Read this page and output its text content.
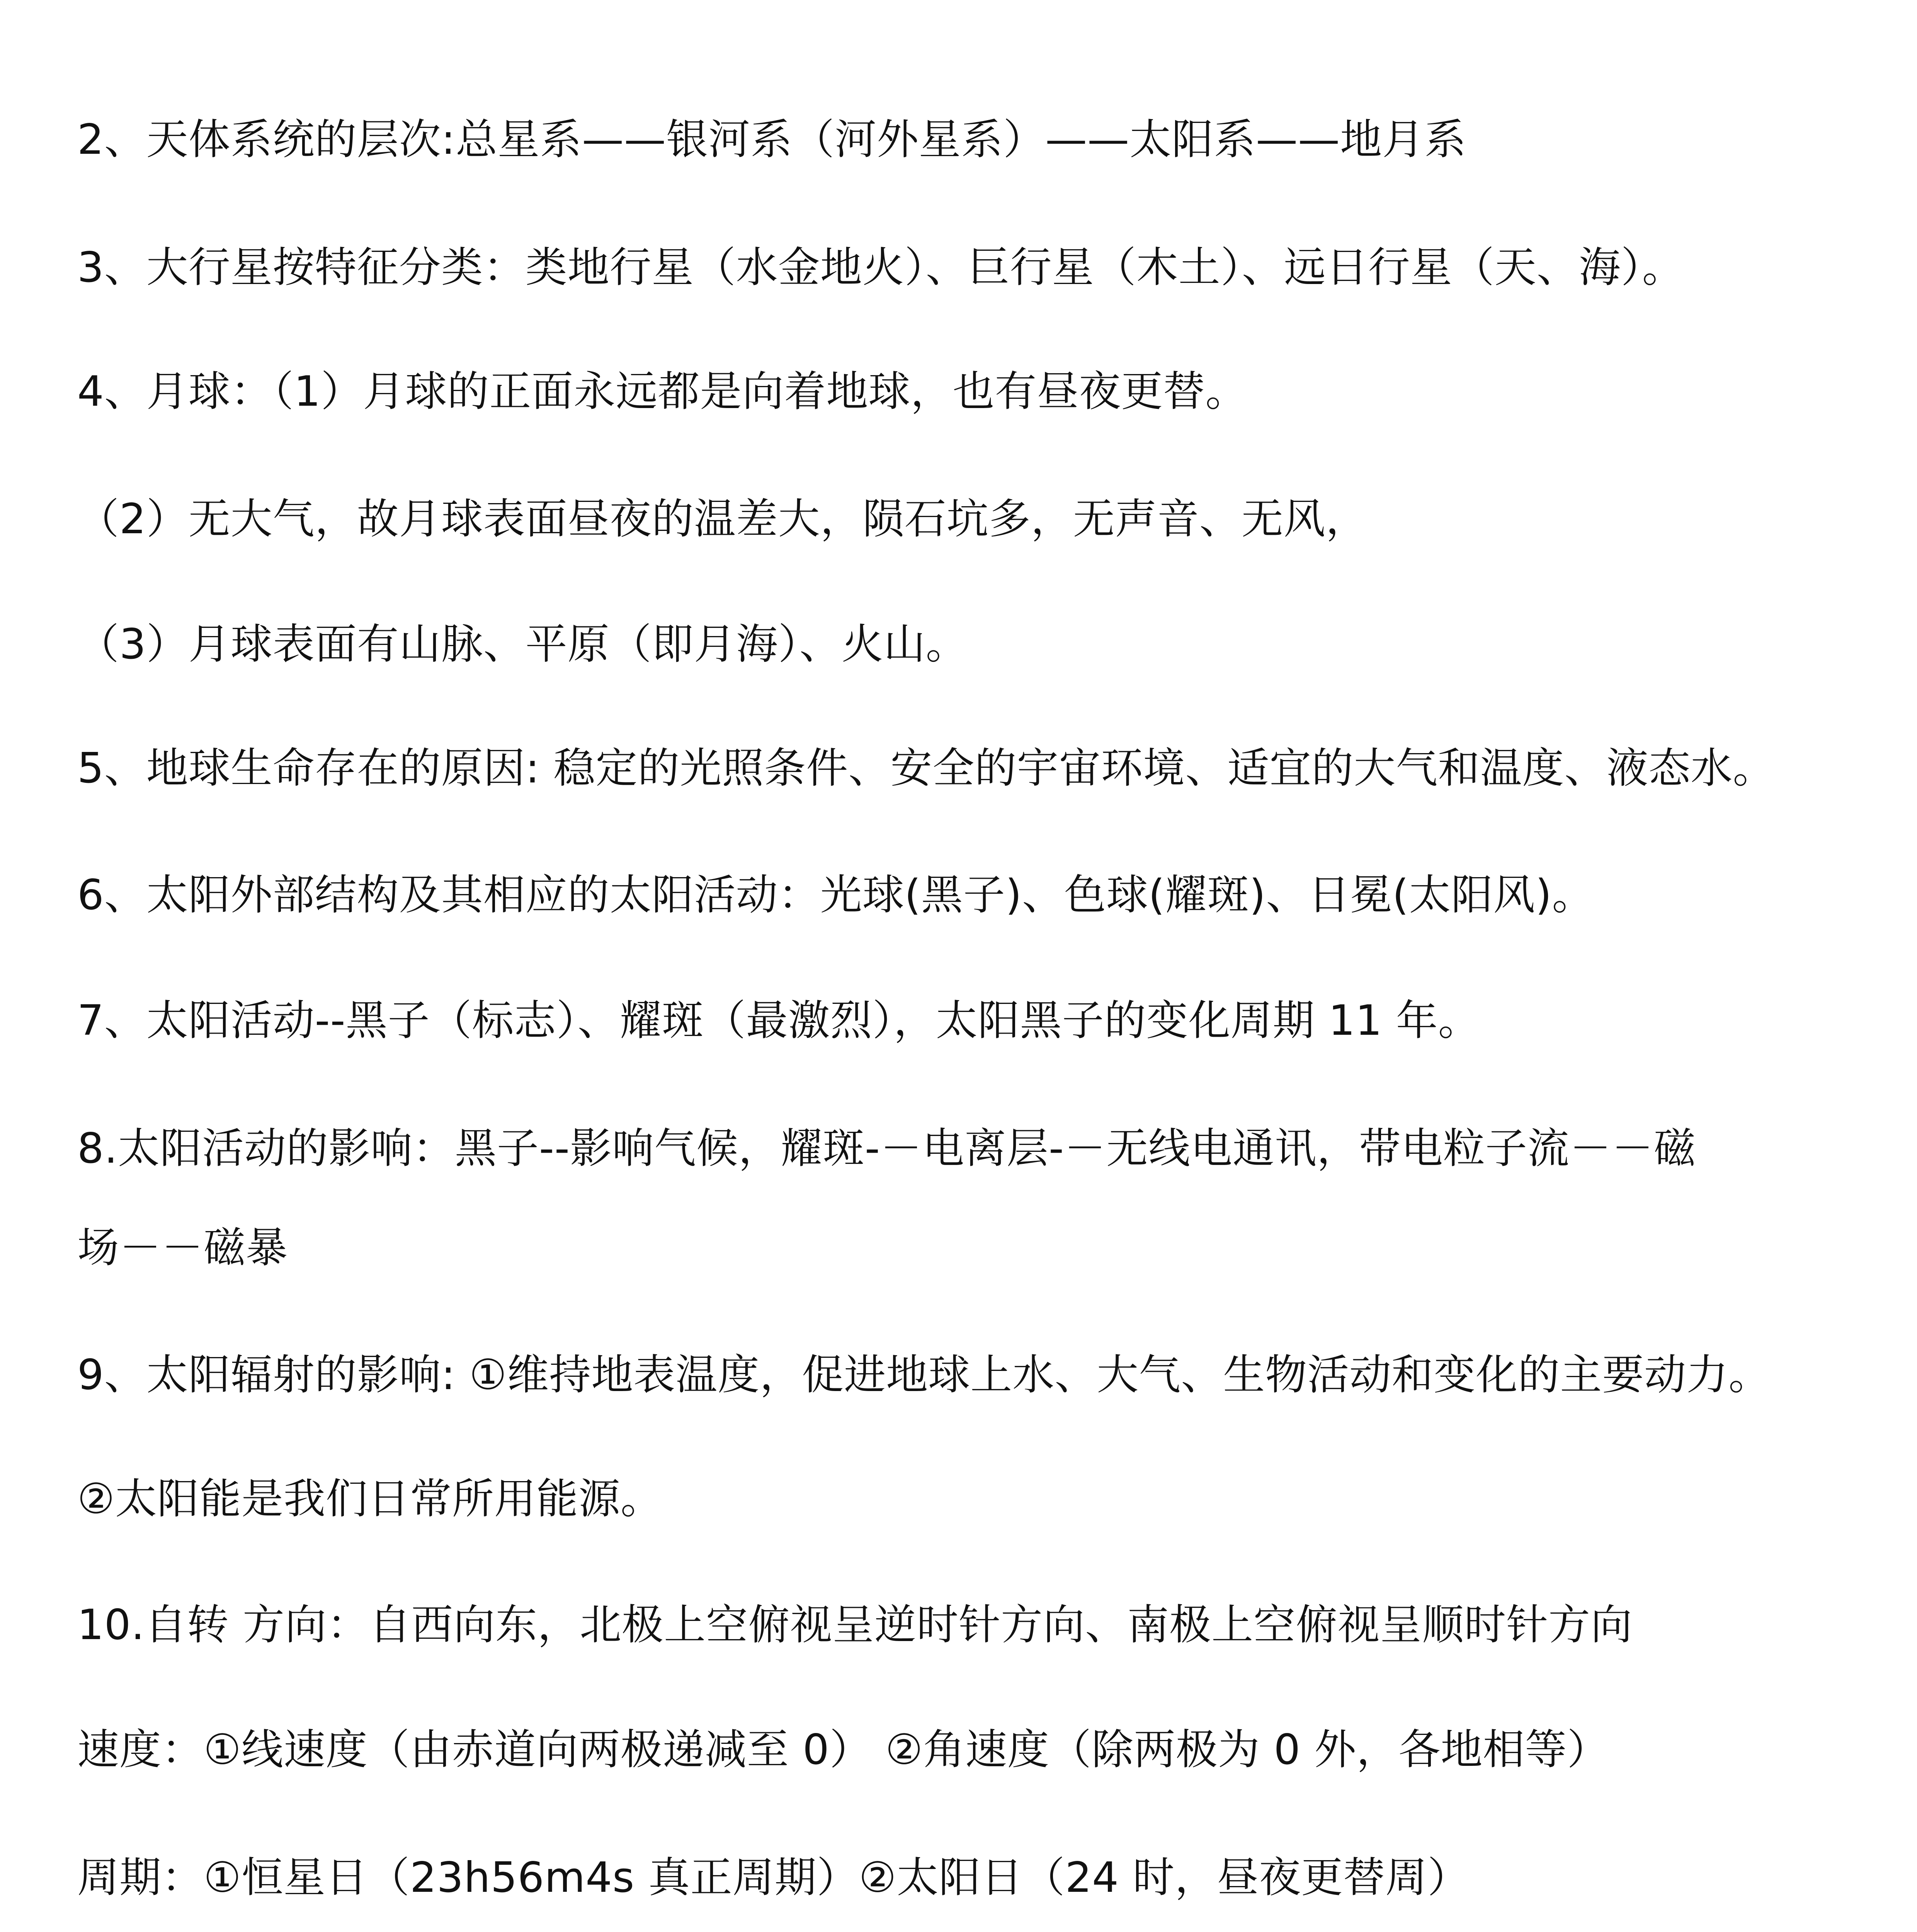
2、天体系统的层次:总星系——银河系（河外星系）——太阳系——地月系
3、大行星按特征分类：类地行星（水金地火）、巨行星（木土）、远日行星（天、海）。
4、月球：（1）月球的正面永远都是向着地球，也有昼夜更替。
（2）无大气，故月球表面昼夜的温差大，陨石坑多，无声音、无风，
（3）月球表面有山脉、平原（即月海）、火山。
5、地球生命存在的原因: 稳定的光照条件、安全的宇宙环境、适宜的大气和温度、液态水。
6、太阳外部结构及其相应的太阳活动：光球(黑子)、色球(耀斑)、日冕(太阳风)。
7、太阳活动--黑子（标志）、耀斑（最激烈），太阳黑子的变化周期 11 年。
8.太阳活动的影响：黑子--影响气候，耀斑-－电离层-－无线电通讯，带电粒子流－－磁
场－－磁暴
9、太阳辐射的影响: ①维持地表温度，促进地球上水、大气、生物活动和变化的主要动力。
②太阳能是我们日常所用能源。
10.自转 方向：自西向东，北极上空俯视呈逆时针方向、南极上空俯视呈顺时针方向
速度：①线速度（由赤道向两极递减至 0） ②角速度（除两极为 0 外，各地相等）
周期：①恒星日（23h56m4s 真正周期）②太阳日（24 时，昼夜更替周）
